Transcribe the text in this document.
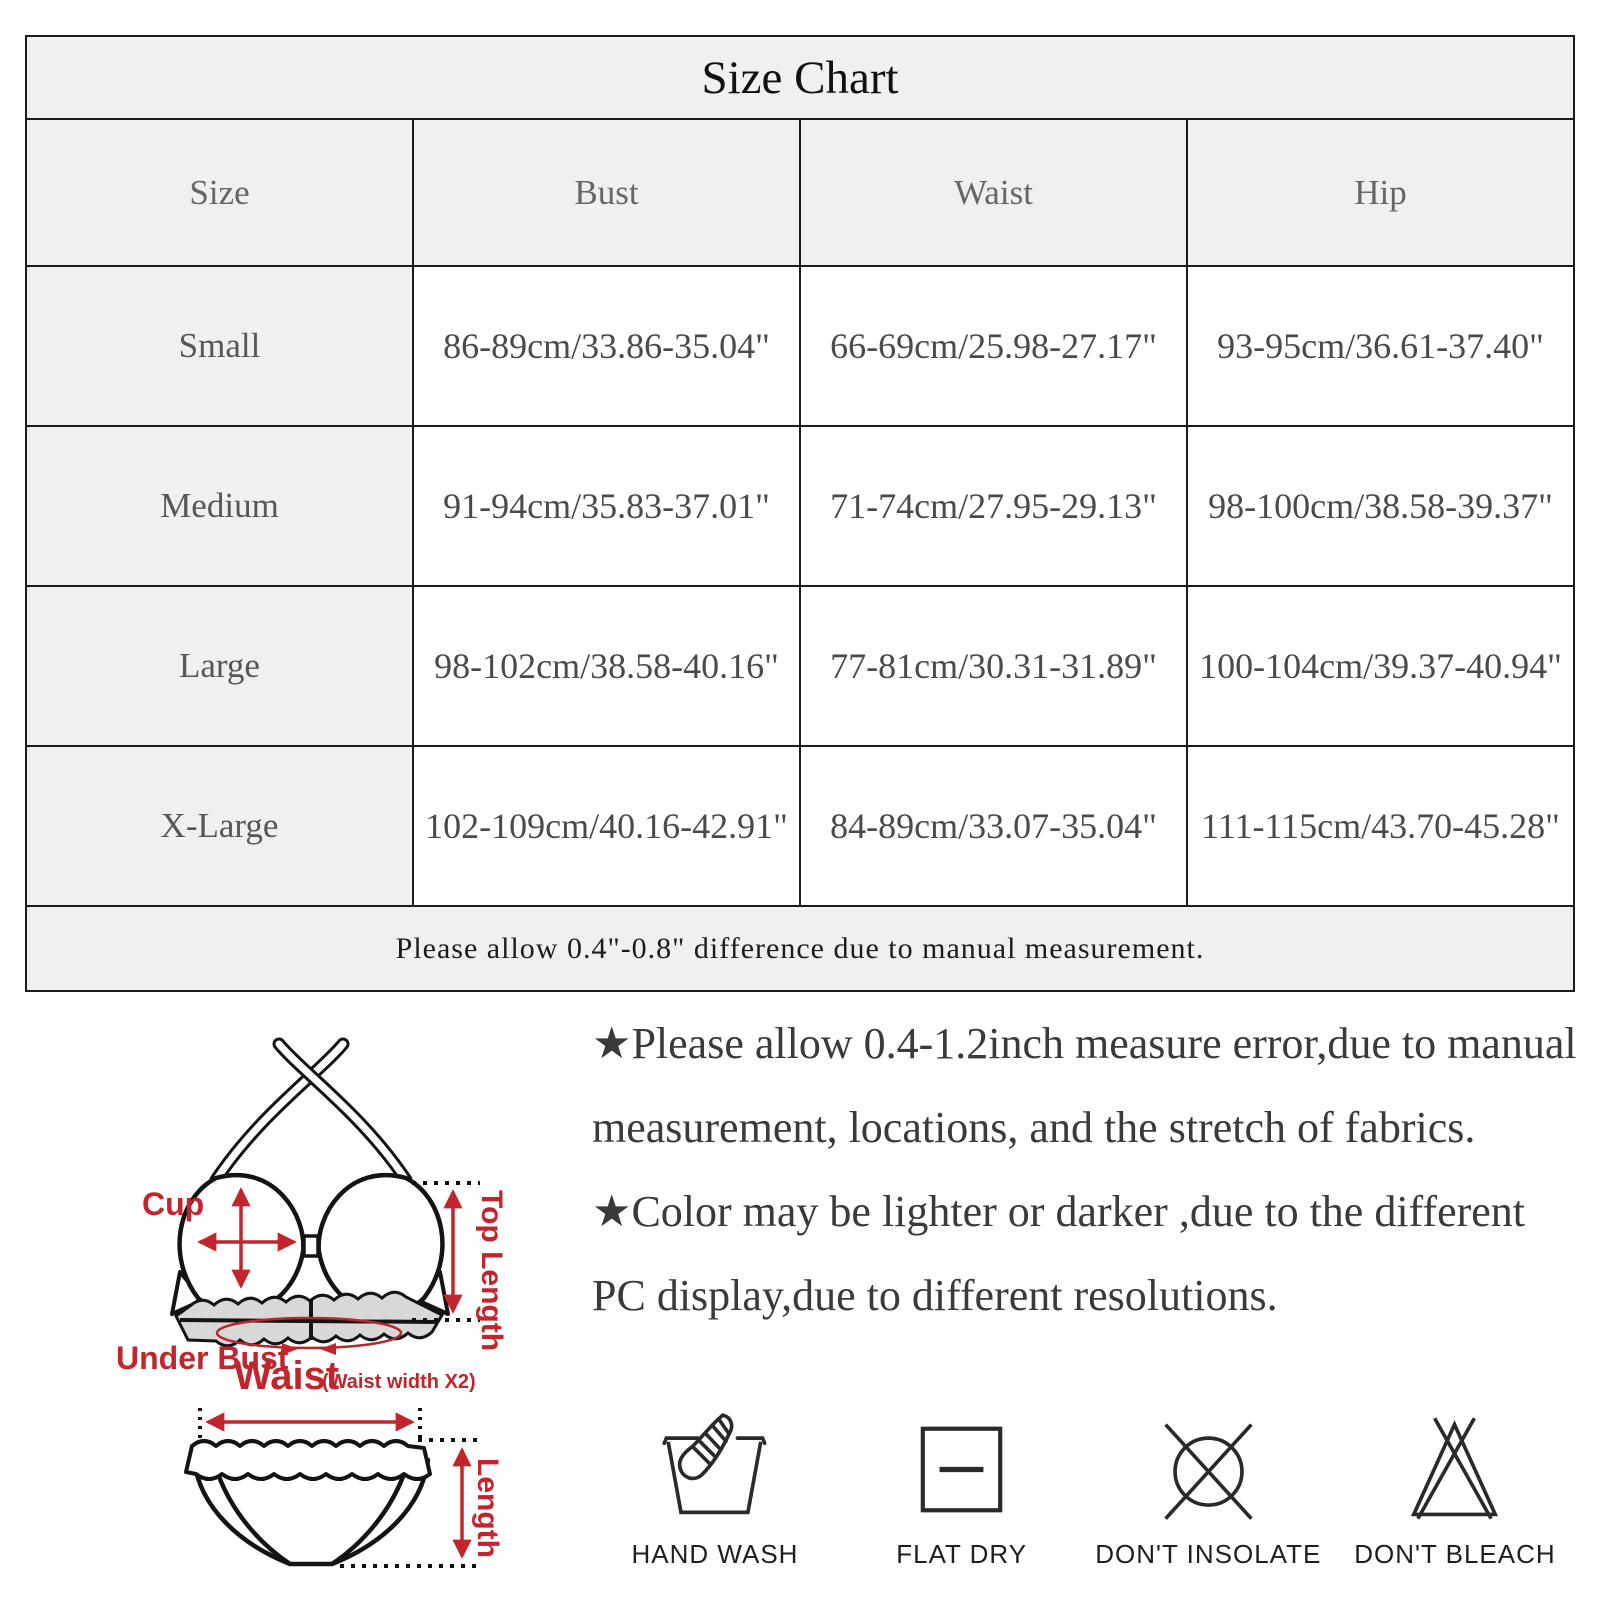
Size Chart			
Size	Bust	Waist	Hip
Small	86-89cm/33.86-35.04"	66-69cm/25.98-27.17"	93-95cm/36.61-37.40"
Medium	91-94cm/35.83-37.01"	71-74cm/27.95-29.13"	98-100cm/38.58-39.37"
Large	98-102cm/38.58-40.16"	77-81cm/30.31-31.89"	100-104cm/39.37-40.94"
X-Large	102-109cm/40.16-42.91"	84-89cm/33.07-35.04"	111-115cm/43.70-45.28"
Please allow 0.4"-0.8" difference due to manual measurement.			
Cup	Top Length
Under Bust
Waist
(Waist width X2)
Length

★Please allow 0.4-1.2inch measure error,due to manual measurement, locations, and the stretch of fabrics.

★Color may be lighter or darker ,due to the different PC display,due to different resolutions.

HAND WASH	FLAT DRY	DON'T INSOLATE DON'T BLEACH
